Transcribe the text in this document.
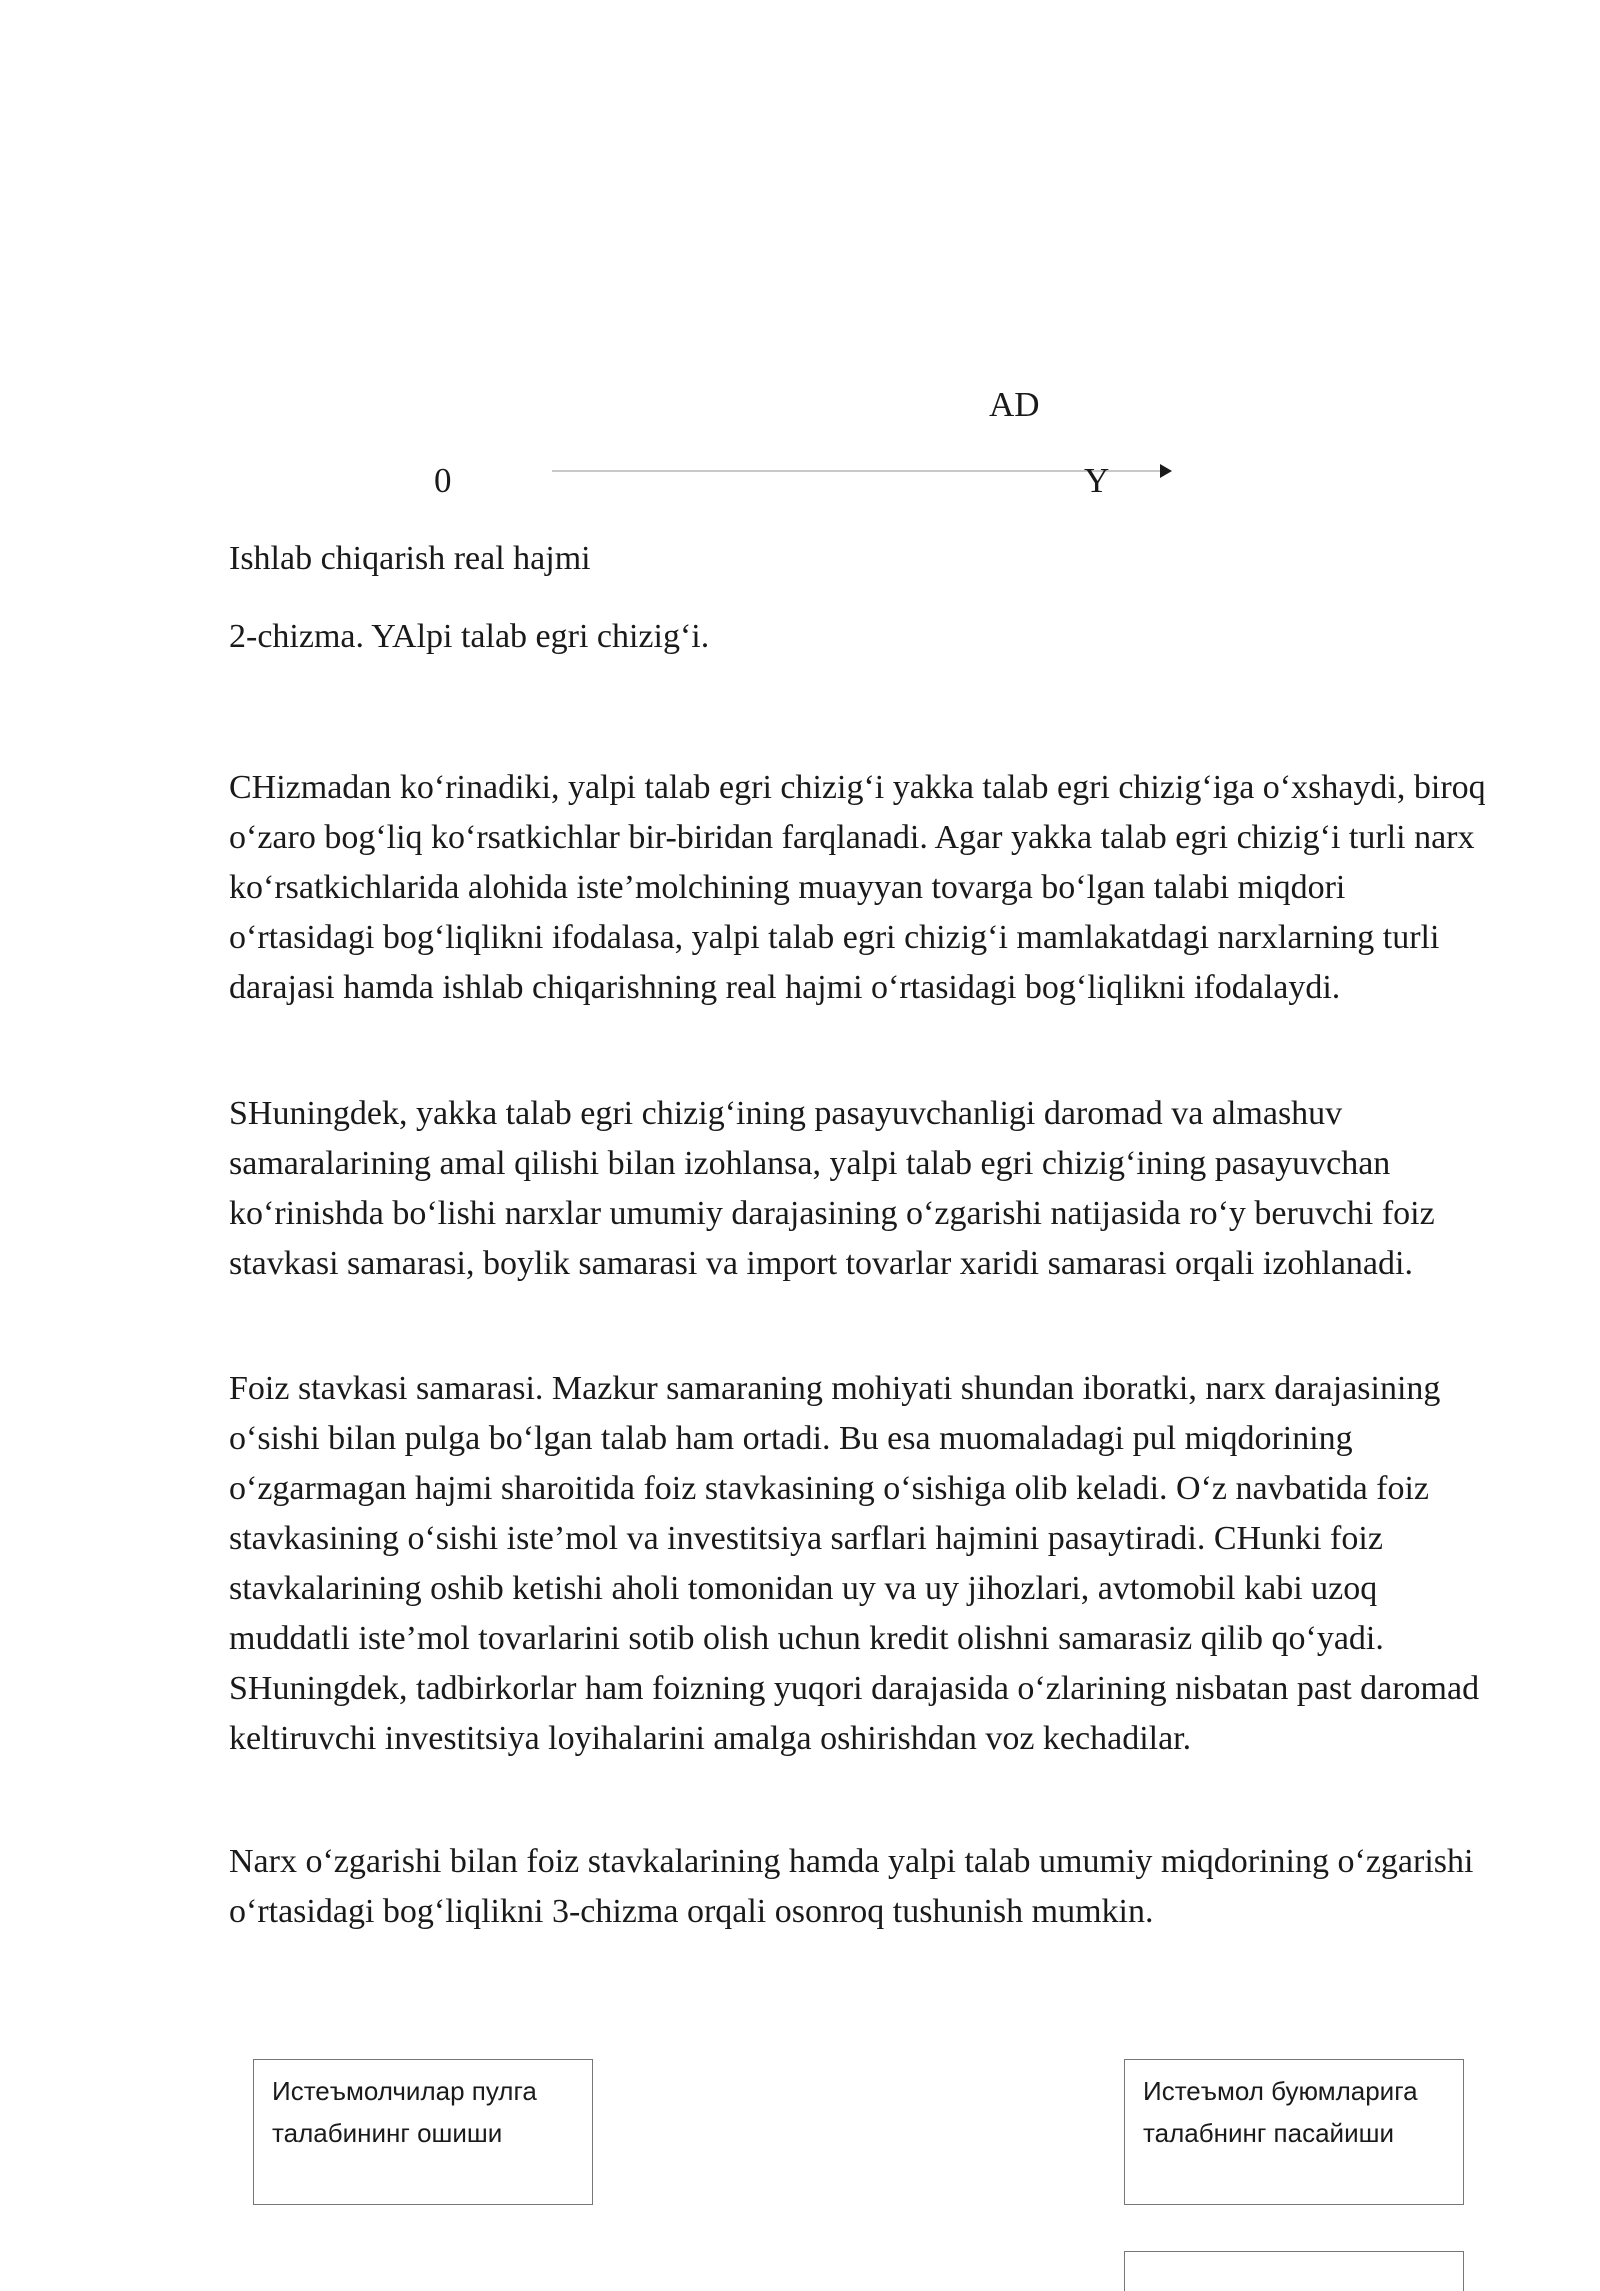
AD
0	Y
Ishlab chiqarish real hajmi
2-chizma. YAlpi talab egri chizig‘i.

CHizmadan ko‘rinadiki, yalpi talab egri chizig‘i yakka talab egri chizig‘iga o‘xshaydi, biroq o‘zaro bog‘liq ko‘rsatkichlar bir-biridan farqlanadi. Agar yakka talab egri chizig‘i turli narx ko‘rsatkichlarida alohida iste’molchining muayyan tovarga bo‘lgan talabi miqdori o‘rtasidagi bog‘liqlikni ifodalasa, yalpi talab egri chizig‘i mamlakatdagi narxlarning turli darajasi hamda ishlab chiqarishning real hajmi o‘rtasidagi bog‘liqlikni ifodalaydi.

SHuningdek, yakka talab egri chizig‘ining pasayuvchanligi daromad va almashuv samaralarining amal qilishi bilan izohlansa, yalpi talab egri chizig‘ining pasayuvchan ko‘rinishda bo‘lishi narxlar umumiy darajasining o‘zgarishi natijasida ro‘y beruvchi foiz stavkasi samarasi, boylik samarasi va import tovarlar xaridi samarasi orqali izohlanadi.

Foiz stavkasi samarasi. Mazkur samaraning mohiyati shundan iboratki, narx darajasining o‘sishi bilan pulga bo‘lgan talab ham ortadi. Bu esa muomaladagi pul miqdorining o‘zgarmagan hajmi sharoitida foiz stavkasining o‘sishiga olib keladi. O‘z navbatida foiz stavkasining o‘sishi iste’mol va investitsiya sarflari hajmini pasaytiradi. CHunki foiz stavkalarining oshib ketishi aholi tomonidan uy va uy jihozlari, avtomobil kabi uzoq muddatli iste’mol tovarlarini sotib olish uchun kredit olishni samarasiz qilib qo‘yadi. SHuningdek, tadbirkorlar ham foizning yuqori darajasida o‘zlarining nisbatan past daromad keltiruvchi investitsiya loyihalarini amalga oshirishdan voz kechadilar.

Narx o‘zgarishi bilan foiz stavkalarining hamda yalpi talab umumiy miqdorining o‘zgarishi o‘rtasidagi bog‘liqlikni 3-chizma orqali osonroq tushunish mumkin.

Истеъмолчилар пулга талабининг ошиши
Истеъмол буюмларига талабнинг пасайиши
